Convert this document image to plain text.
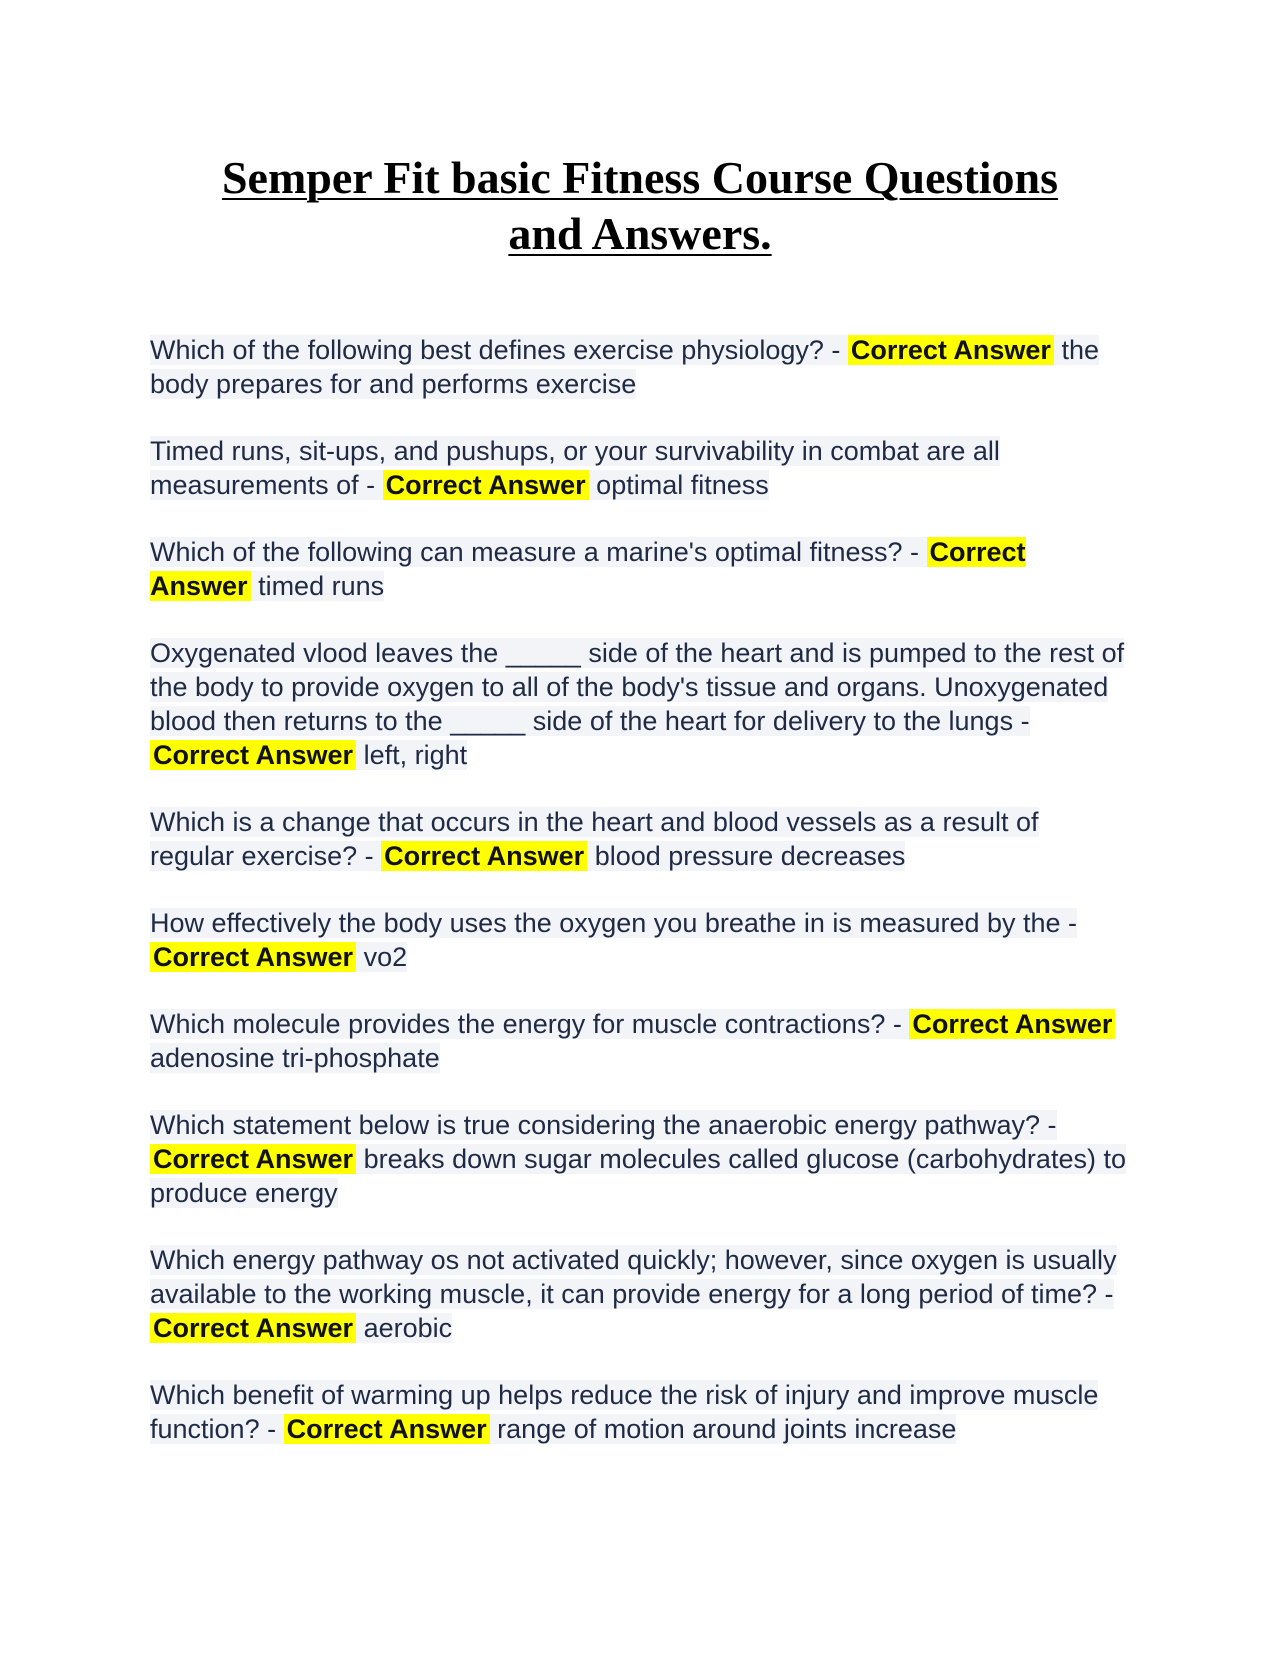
Semper Fit basic Fitness Course Questions
and Answers.
Which of the following best defines exercise physiology? - Correct Answer the body prepares for and performs exercise
Timed runs, sit-ups, and pushups, or your survivability in combat are all measurements of - Correct Answer optimal fitness
Which of the following can measure a marine's optimal fitness? - Correct Answer timed runs
Oxygenated vlood leaves the _____ side of the heart and is pumped to the rest of the body to provide oxygen to all of the body's tissue and organs. Unoxygenated blood then returns to the _____ side of the heart for delivery to the lungs - Correct Answer left, right
Which is a change that occurs in the heart and blood vessels as a result of regular exercise? - Correct Answer blood pressure decreases
How effectively the body uses the oxygen you breathe in is measured by the - Correct Answer vo2
Which molecule provides the energy for muscle contractions? - Correct Answer adenosine tri-phosphate
Which statement below is true considering the anaerobic energy pathway? - Correct Answer breaks down sugar molecules called glucose (carbohydrates) to produce energy
Which energy pathway os not activated quickly; however, since oxygen is usually available to the working muscle, it can provide energy for a long period of time? - Correct Answer aerobic
Which benefit of warming up helps reduce the risk of injury and improve muscle function? - Correct Answer range of motion around joints increase
